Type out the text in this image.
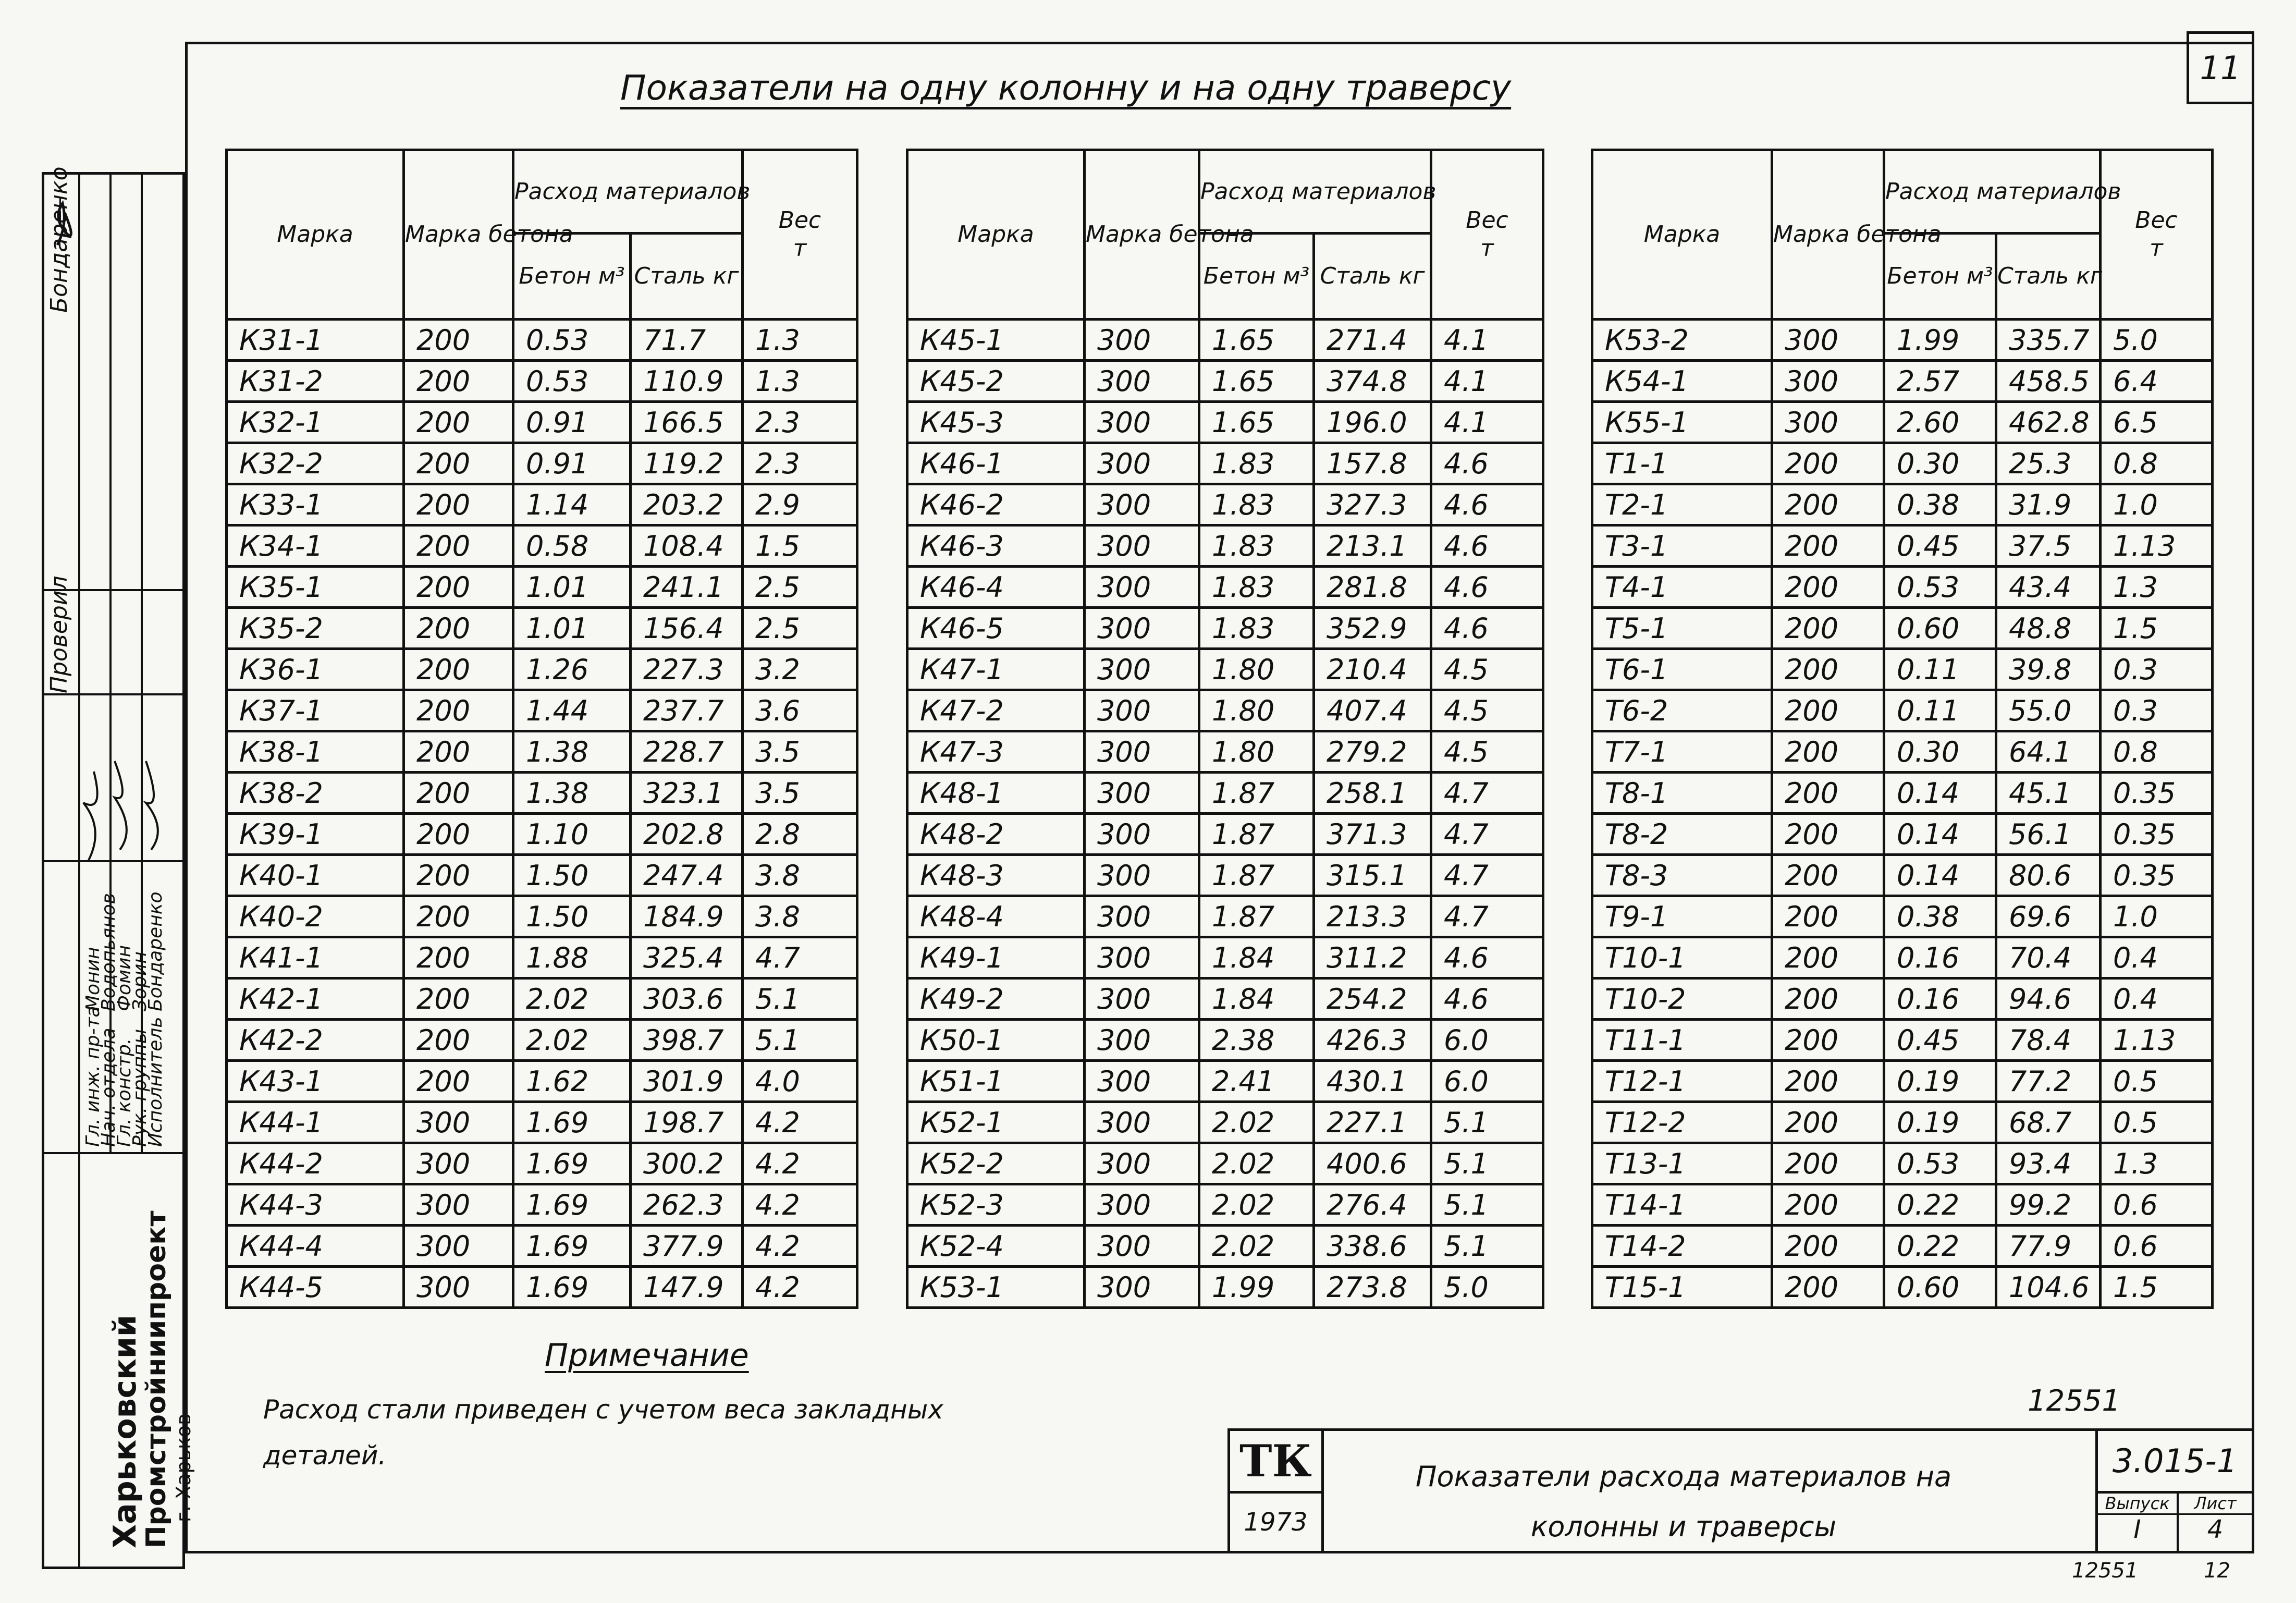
11
Показатели на одну колонну и на одну траверсу
Бондаренко
Проверил
Гл. инж. пр-та
Нач. отдела
Гл. констр.
Рук. группы
Исполнитель
Монин
Водопьянов
Фомин
Зорин
Бондаренко
Харьковский
Промстройниипроект г. Харьков
Марка	Марка бетона	Расход материалов		Вес
т
		Бетон м³	Сталь кг	
К31-1	200	0.53	71.7	1.3
К31-2	200	0.53	110.9	1.3
К32-1	200	0.91	166.5	2.3
К32-2	200	0.91	119.2	2.3
К33-1	200	1.14	203.2	2.9
К34-1	200	0.58	108.4	1.5
К35-1	200	1.01	241.1	2.5
К35-2	200	1.01	156.4	2.5
К36-1	200	1.26	227.3	3.2
К37-1	200	1.44	237.7	3.6
К38-1	200	1.38	228.7	3.5
К38-2	200	1.38	323.1	3.5
К39-1	200	1.10	202.8	2.8
К40-1	200	1.50	247.4	3.8
К40-2	200	1.50	184.9	3.8
К41-1	200	1.88	325.4	4.7
К42-1	200	2.02	303.6	5.1
К42-2	200	2.02	398.7	5.1
К43-1	200	1.62	301.9	4.0
К44-1	300	1.69	198.7	4.2
К44-2	300	1.69	300.2	4.2
К44-3	300	1.69	262.3	4.2
К44-4	300	1.69	377.9	4.2
К44-5	300	1.69	147.9	4.2
Марка	Марка бетона	Расход материалов		Вес
т
		Бетон м³	Сталь кг	
К45-1	300	1.65	271.4	4.1
К45-2	300	1.65	374.8	4.1
К45-3	300	1.65	196.0	4.1
К46-1	300	1.83	157.8	4.6
К46-2	300	1.83	327.3	4.6
К46-3	300	1.83	213.1	4.6
К46-4	300	1.83	281.8	4.6
К46-5	300	1.83	352.9	4.6
К47-1	300	1.80	210.4	4.5
К47-2	300	1.80	407.4	4.5
К47-3	300	1.80	279.2	4.5
К48-1	300	1.87	258.1	4.7
К48-2	300	1.87	371.3	4.7
К48-3	300	1.87	315.1	4.7
К48-4	300	1.87	213.3	4.7
К49-1	300	1.84	311.2	4.6
К49-2	300	1.84	254.2	4.6
К50-1	300	2.38	426.3	6.0
К51-1	300	2.41	430.1	6.0
К52-1	300	2.02	227.1	5.1
К52-2	300	2.02	400.6	5.1
К52-3	300	2.02	276.4	5.1
К52-4	300	2.02	338.6	5.1
К53-1	300	1.99	273.8	5.0
Марка	Марка бетона	Расход материалов		Вес
т
		Бетон м³	Сталь кг	
К53-2	300	1.99	335.7	5.0
К54-1	300	2.57	458.5	6.4
К55-1	300	2.60	462.8	6.5
Т1-1	200	0.30	25.3	0.8
Т2-1	200	0.38	31.9	1.0
Т3-1	200	0.45	37.5	1.13
Т4-1	200	0.53	43.4	1.3
Т5-1	200	0.60	48.8	1.5
Т6-1	200	0.11	39.8	0.3
Т6-2	200	0.11	55.0	0.3
Т7-1	200	0.30	64.1	0.8
Т8-1	200	0.14	45.1	0.35
Т8-2	200	0.14	56.1	0.35
Т8-3	200	0.14	80.6	0.35
Т9-1	200	0.38	69.6	1.0
Т10-1	200	0.16	70.4	0.4
Т10-2	200	0.16	94.6	0.4
Т11-1	200	0.45	78.4	1.13
Т12-1	200	0.19	77.2	0.5
Т12-2	200	0.19	68.7	0.5
Т13-1	200	0.53	93.4	1.3
Т14-1	200	0.22	99.2	0.6
Т14-2	200	0.22	77.9	0.6
Т15-1	200	0.60	104.6	1.5
Примечание
Расход стали приведен с учетом веса закладных деталей.
12551
ТК
1973
Показатели расхода материалов на колонны и траверсы
3.015-1
Выпуск
I
Лист
4
12551	12
